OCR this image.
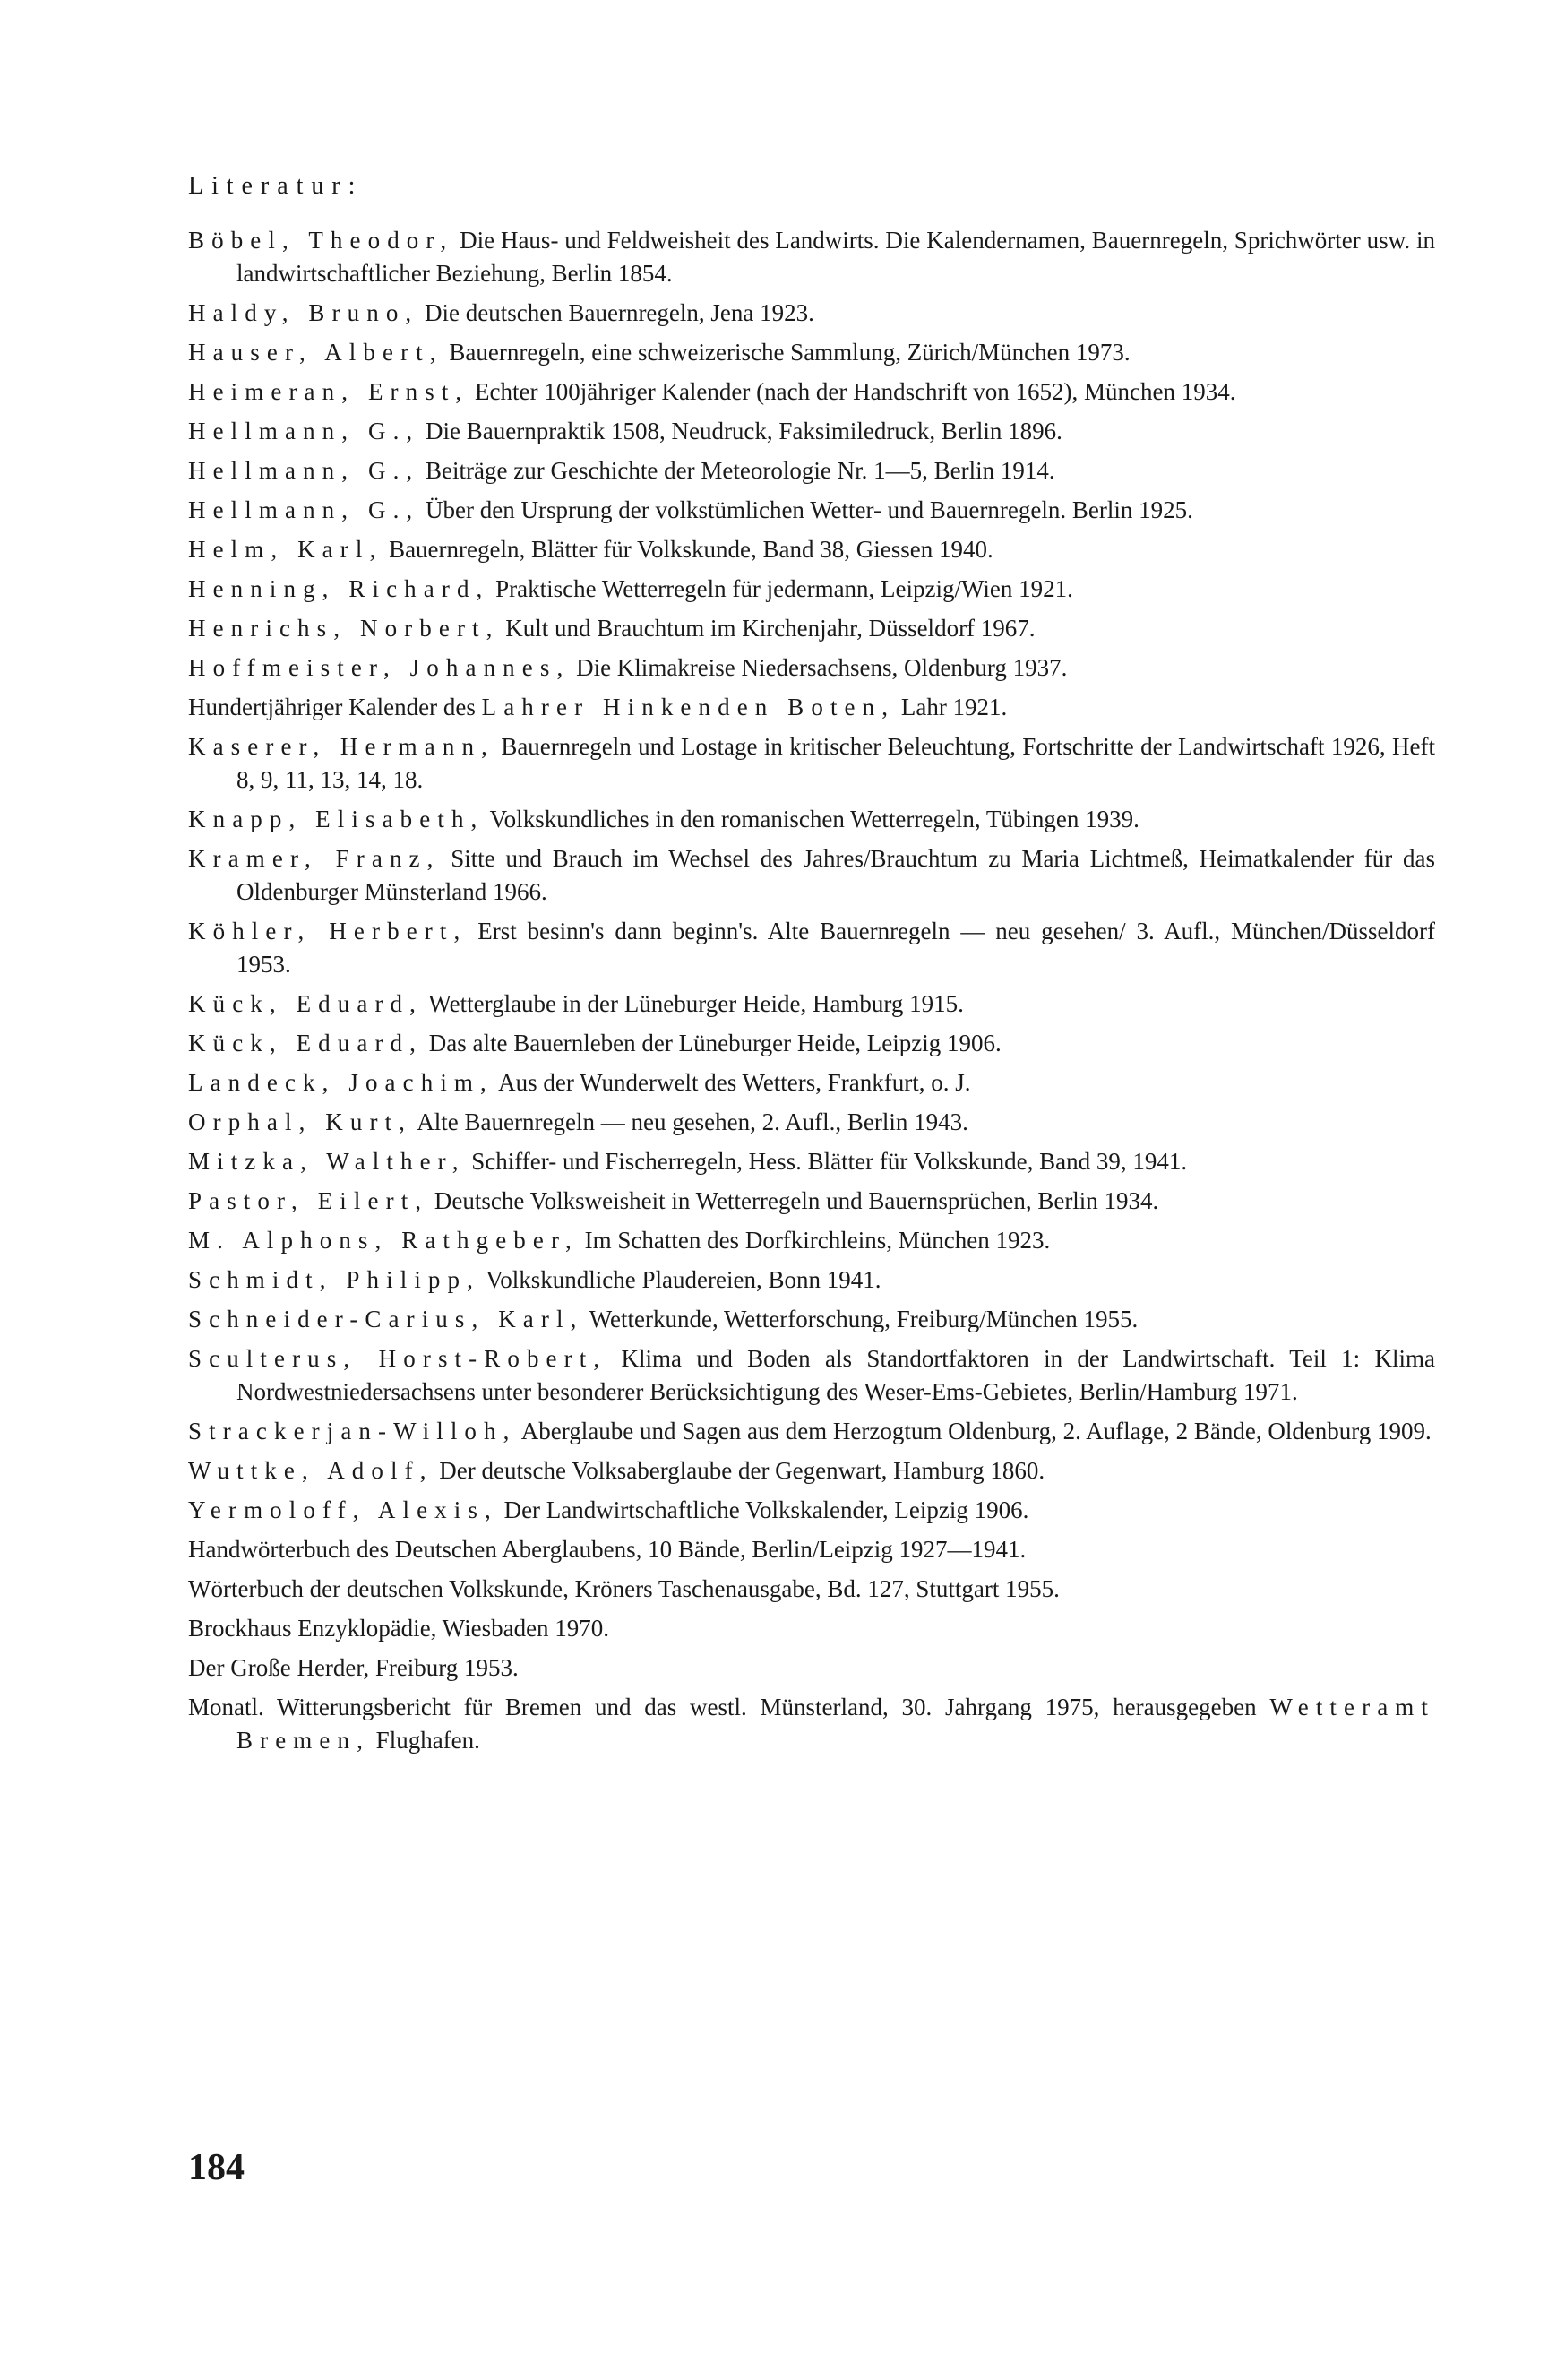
Literatur:
Böbel, Theodor, Die Haus- und Feldweisheit des Landwirts. Die Kalendernamen, Bauernregeln, Sprichwörter usw. in landwirtschaftlicher Beziehung, Berlin 1854.
Haldy, Bruno, Die deutschen Bauernregeln, Jena 1923.
Hauser, Albert, Bauernregeln, eine schweizerische Sammlung, Zürich/München 1973.
Heimeran, Ernst, Echter 100jähriger Kalender (nach der Handschrift von 1652), München 1934.
Hellmann, G., Die Bauernpraktik 1508, Neudruck, Faksimiledruck, Berlin 1896.
Hellmann, G., Beiträge zur Geschichte der Meteorologie Nr. 1—5, Berlin 1914.
Hellmann, G., Über den Ursprung der volkstümlichen Wetter- und Bauernregeln. Berlin 1925.
Helm, Karl, Bauernregeln, Blätter für Volkskunde, Band 38, Giessen 1940.
Henning, Richard, Praktische Wetterregeln für jedermann, Leipzig/Wien 1921.
Henrichs, Norbert, Kult und Brauchtum im Kirchenjahr, Düsseldorf 1967.
Hoffmeister, Johannes, Die Klimakreise Niedersachsens, Oldenburg 1937.
Hundertjähriger Kalender des Lahrer Hinkenden Boten, Lahr 1921.
Kaserer, Hermann, Bauernregeln und Lostage in kritischer Beleuchtung, Fortschritte der Landwirtschaft 1926, Heft 8, 9, 11, 13, 14, 18.
Knapp, Elisabeth, Volkskundliches in den romanischen Wetterregeln, Tübingen 1939.
Kramer, Franz, Sitte und Brauch im Wechsel des Jahres/Brauchtum zu Maria Lichtmeß, Heimatkalender für das Oldenburger Münsterland 1966.
Köhler, Herbert, Erst besinn's dann beginn's. Alte Bauernregeln — neu gesehen/ 3. Aufl., München/Düsseldorf 1953.
Kück, Eduard, Wetterglaube in der Lüneburger Heide, Hamburg 1915.
Kück, Eduard, Das alte Bauernleben der Lüneburger Heide, Leipzig 1906.
Landeck, Joachim, Aus der Wunderwelt des Wetters, Frankfurt, o. J.
Orphal, Kurt, Alte Bauernregeln — neu gesehen, 2. Aufl., Berlin 1943.
Mitzka, Walther, Schiffer- und Fischerregeln, Hess. Blätter für Volkskunde, Band 39, 1941.
Pastor, Eilert, Deutsche Volksweisheit in Wetterregeln und Bauernsprüchen, Berlin 1934.
M. Alphons, Rathgeber, Im Schatten des Dorfkirchleins, München 1923.
Schmidt, Philipp, Volkskundliche Plaudereien, Bonn 1941.
Schneider-Carius, Karl, Wetterkunde, Wetterforschung, Freiburg/München 1955.
Sculterus, Horst-Robert, Klima und Boden als Standortfaktoren in der Landwirtschaft. Teil 1: Klima Nordwestniedersachsens unter besonderer Berücksichtigung des Weser-Ems-Gebietes, Berlin/Hamburg 1971.
Strackerjan-Willoh, Aberglaube und Sagen aus dem Herzogtum Oldenburg, 2. Auflage, 2 Bände, Oldenburg 1909.
Wuttke, Adolf, Der deutsche Volksaberglaube der Gegenwart, Hamburg 1860.
Yermoloff, Alexis, Der Landwirtschaftliche Volkskalender, Leipzig 1906.
Handwörterbuch des Deutschen Aberglaubens, 10 Bände, Berlin/Leipzig 1927—1941.
Wörterbuch der deutschen Volkskunde, Kröners Taschenausgabe, Bd. 127, Stuttgart 1955.
Brockhaus Enzyklopädie, Wiesbaden 1970.
Der Große Herder, Freiburg 1953.
Monatl. Witterungsbericht für Bremen und das westl. Münsterland, 30. Jahrgang 1975, herausgegeben Wetteramt Bremen, Flughafen.
184
